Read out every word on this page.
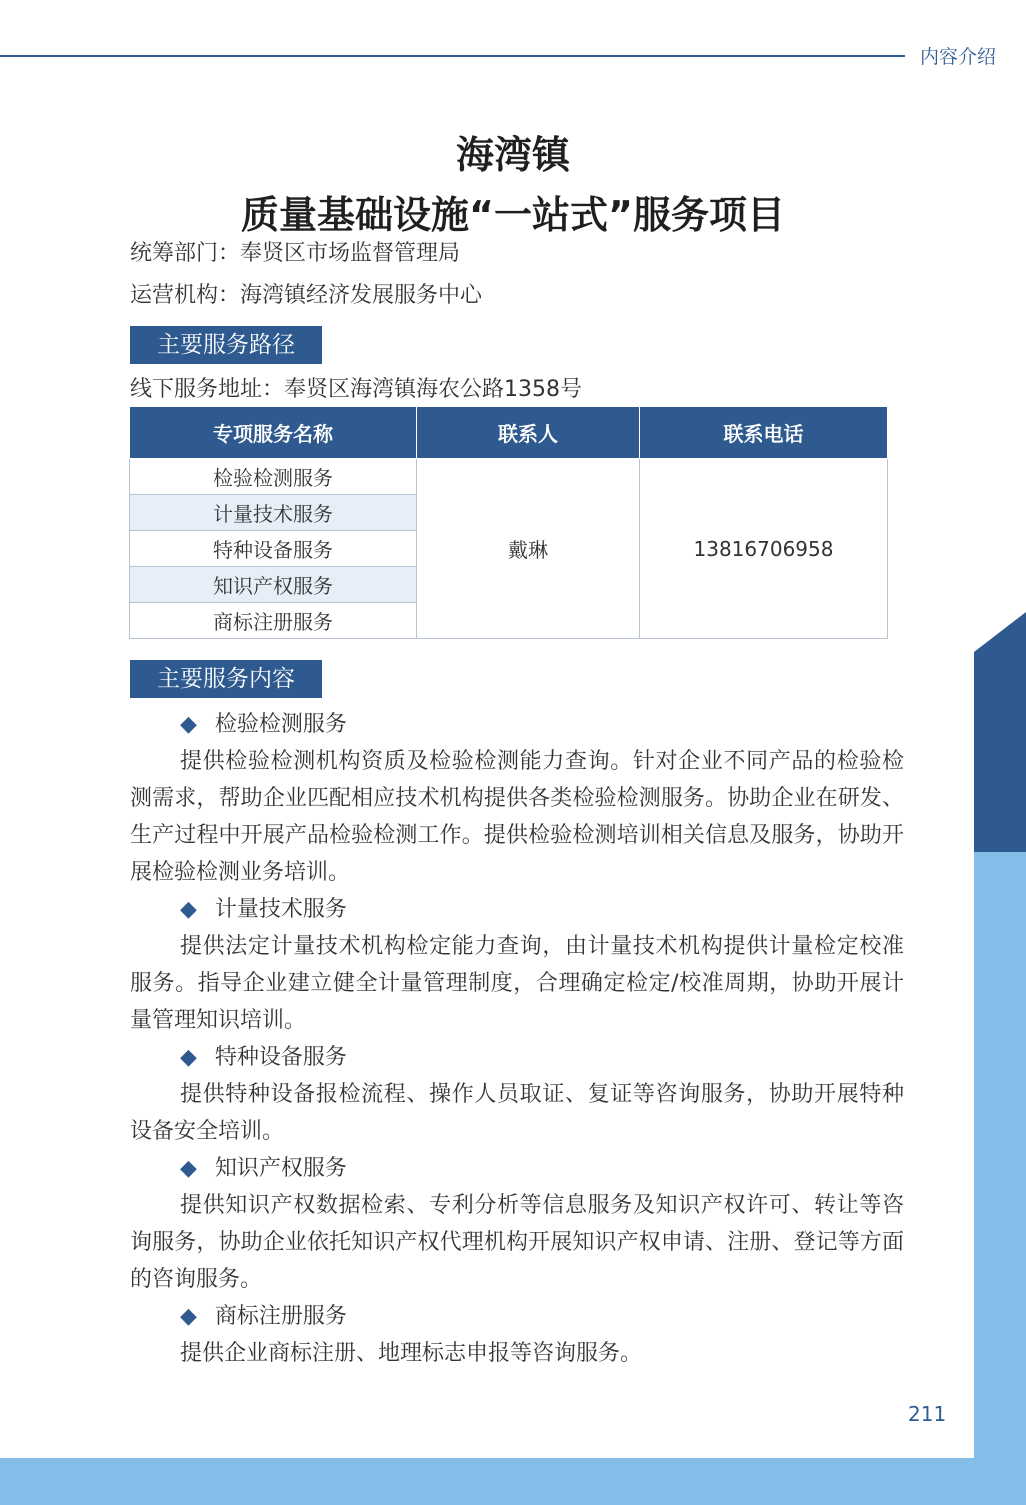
内容介绍
海湾镇
质量基础设施“一站式”服务项目
统筹部门：奉贤区市场监督管理局
运营机构：海湾镇经济发展服务中心
主要服务路径
线下服务地址：奉贤区海湾镇海农公路1358号
专项服务名称	联系人	联系电话
检验检测服务	戴琳	13816706958
计量技术服务		
特种设备服务		
知识产权服务		
商标注册服务		
主要服务内容
◆ 检验检测服务

提供检验检测机构资质及检验检测能力查询。针对企业不同产品的检验检测需求，帮助企业匹配相应技术机构提供各类检验检测服务。协助企业在研发、生产过程中开展产品检验检测工作。提供检验检测培训相关信息及服务，协助开展检验检测业务培训。

◆ 计量技术服务

提供法定计量技术机构检定能力查询，由计量技术机构提供计量检定校准服务。指导企业建立健全计量管理制度，合理确定检定/校准周期，协助开展计量管理知识培训。

◆ 特种设备服务

提供特种设备报检流程、操作人员取证、复证等咨询服务，协助开展特种设备安全培训。

◆ 知识产权服务

提供知识产权数据检索、专利分析等信息服务及知识产权许可、转让等咨询服务，协助企业依托知识产权代理机构开展知识产权申请、注册、登记等方面的咨询服务。

◆ 商标注册服务

提供企业商标注册、地理标志申报等咨询服务。

211
